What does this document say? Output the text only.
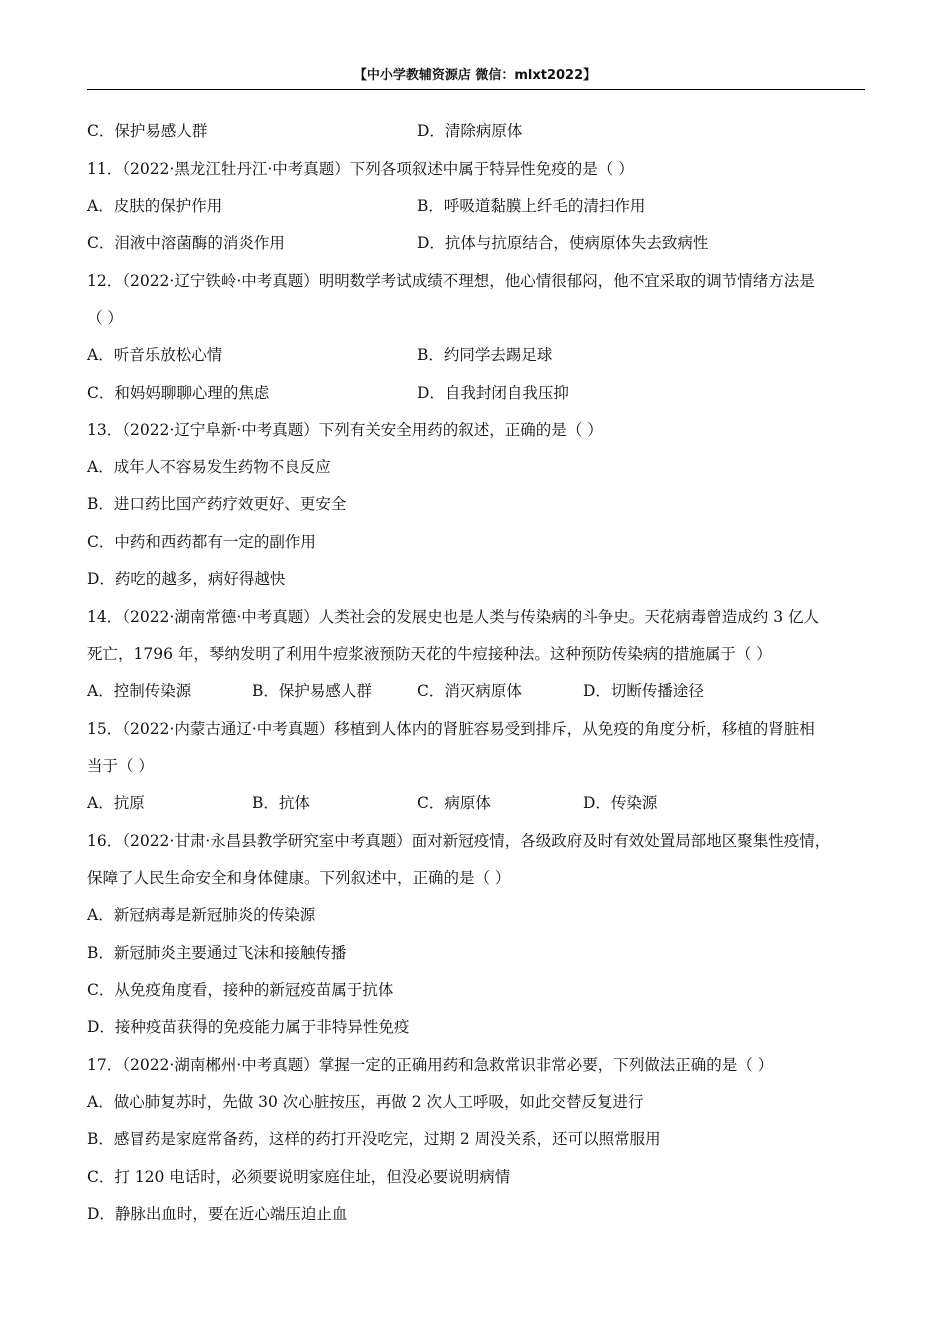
【中小学教辅资源店 微信：mlxt2022】
C．保护易感人群	D．清除病原体
11．（2022·黑龙江牡丹江·中考真题）下列各项叙述中属于特异性免疫的是（ ）
A．皮肤的保护作用	B．呼吸道黏膜上纤毛的清扫作用
C．泪液中溶菌酶的消炎作用	D．抗体与抗原结合，使病原体失去致病性
12．（2022·辽宁铁岭·中考真题）明明数学考试成绩不理想，他心情很郁闷，他不宜采取的调节情绪方法是
（ ）
A．听音乐放松心情	B．约同学去踢足球
C．和妈妈聊聊心理的焦虑	D．自我封闭自我压抑
13．（2022·辽宁阜新·中考真题）下列有关安全用药的叙述，正确的是（ ）
A．成年人不容易发生药物不良反应
B．进口药比国产药疗效更好、更安全
C．中药和西药都有一定的副作用
D．药吃的越多，病好得越快
14．（2022·湖南常德·中考真题）人类社会的发展史也是人类与传染病的斗争史。天花病毒曾造成约 3 亿人
死亡，1796 年，琴纳发明了利用牛痘浆液预防天花的牛痘接种法。这种预防传染病的措施属于（ ）
A．控制传染源	B．保护易感人群	C．消灭病原体	D．切断传播途径
15．（2022·内蒙古通辽·中考真题）移植到人体内的肾脏容易受到排斥，从免疫的角度分析，移植的肾脏相
当于（ ）
A．抗原	B．抗体	C．病原体	D．传染源
16．（2022·甘肃·永昌县教学研究室中考真题）面对新冠疫情，各级政府及时有效处置局部地区聚集性疫情，
保障了人民生命安全和身体健康。下列叙述中，正确的是（ ）
A．新冠病毒是新冠肺炎的传染源
B．新冠肺炎主要通过飞沫和接触传播
C．从免疫角度看，接种的新冠疫苗属于抗体
D．接种疫苗获得的免疫能力属于非特异性免疫
17．（2022·湖南郴州·中考真题）掌握一定的正确用药和急救常识非常必要，下列做法正确的是（ ）
A．做心肺复苏时，先做 30 次心脏按压，再做 2 次人工呼吸，如此交替反复进行
B．感冒药是家庭常备药，这样的药打开没吃完，过期 2 周没关系，还可以照常服用
C．打 120 电话时，必须要说明家庭住址，但没必要说明病情
D．静脉出血时，要在近心端压迫止血
